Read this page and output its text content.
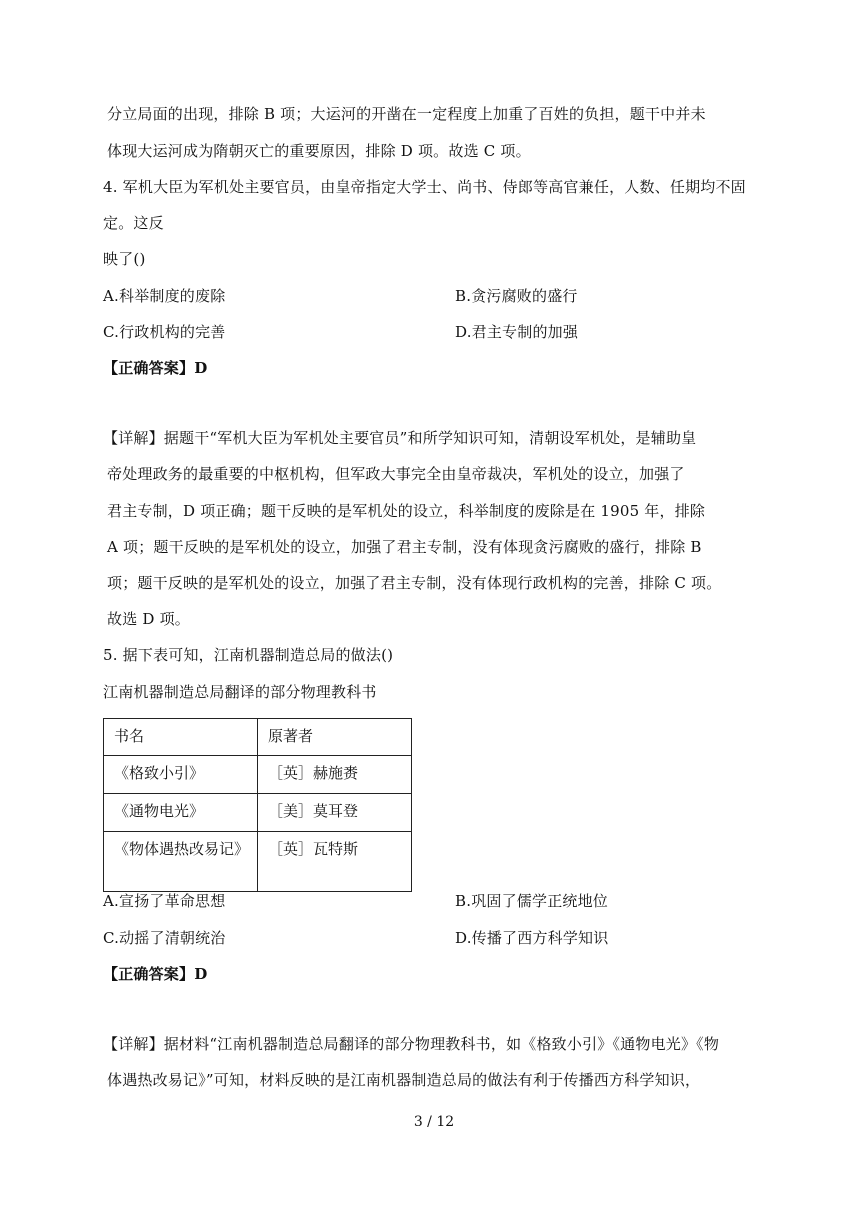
分立局面的出现，排除 B 项；大运河的开凿在一定程度上加重了百姓的负担，题干中并未
体现大运河成为隋朝灭亡的重要原因，排除 D 项。故选 C 项。
4. 军机大臣为军机处主要官员，由皇帝指定大学士、尚书、侍郎等高官兼任，人数、任期均不固
定。这反
映了()
A.科举制度的废除	B.贪污腐败的盛行
C.行政机构的完善	D.君主专制的加强
【正确答案】D
【详解】据题干“军机大臣为军机处主要官员”和所学知识可知，清朝设军机处，是辅助皇
帝处理政务的最重要的中枢机构，但军政大事完全由皇帝裁决，军机处的设立，加强了
君主专制，D 项正确；题干反映的是军机处的设立，科举制度的废除是在 1905 年，排除
A 项；题干反映的是军机处的设立，加强了君主专制，没有体现贪污腐败的盛行，排除 B
项；题干反映的是军机处的设立，加强了君主专制，没有体现行政机构的完善，排除 C 项。
故选 D 项。
5. 据下表可知，江南机器制造总局的做法()
江南机器制造总局翻译的部分物理教科书
书名	原著者
《格致小引》	［英］赫施赉
《通物电光》	［美］莫耳登
《物体遇热改易记》	［英］瓦特斯
A.宣扬了革命思想	B.巩固了儒学正统地位
C.动摇了清朝统治	D.传播了西方科学知识
【正确答案】D
【详解】据材料“江南机器制造总局翻译的部分物理教科书，如《格致小引》《通物电光》《物
体遇热改易记》”可知，材料反映的是江南机器制造总局的做法有利于传播西方科学知识，
3 / 12
